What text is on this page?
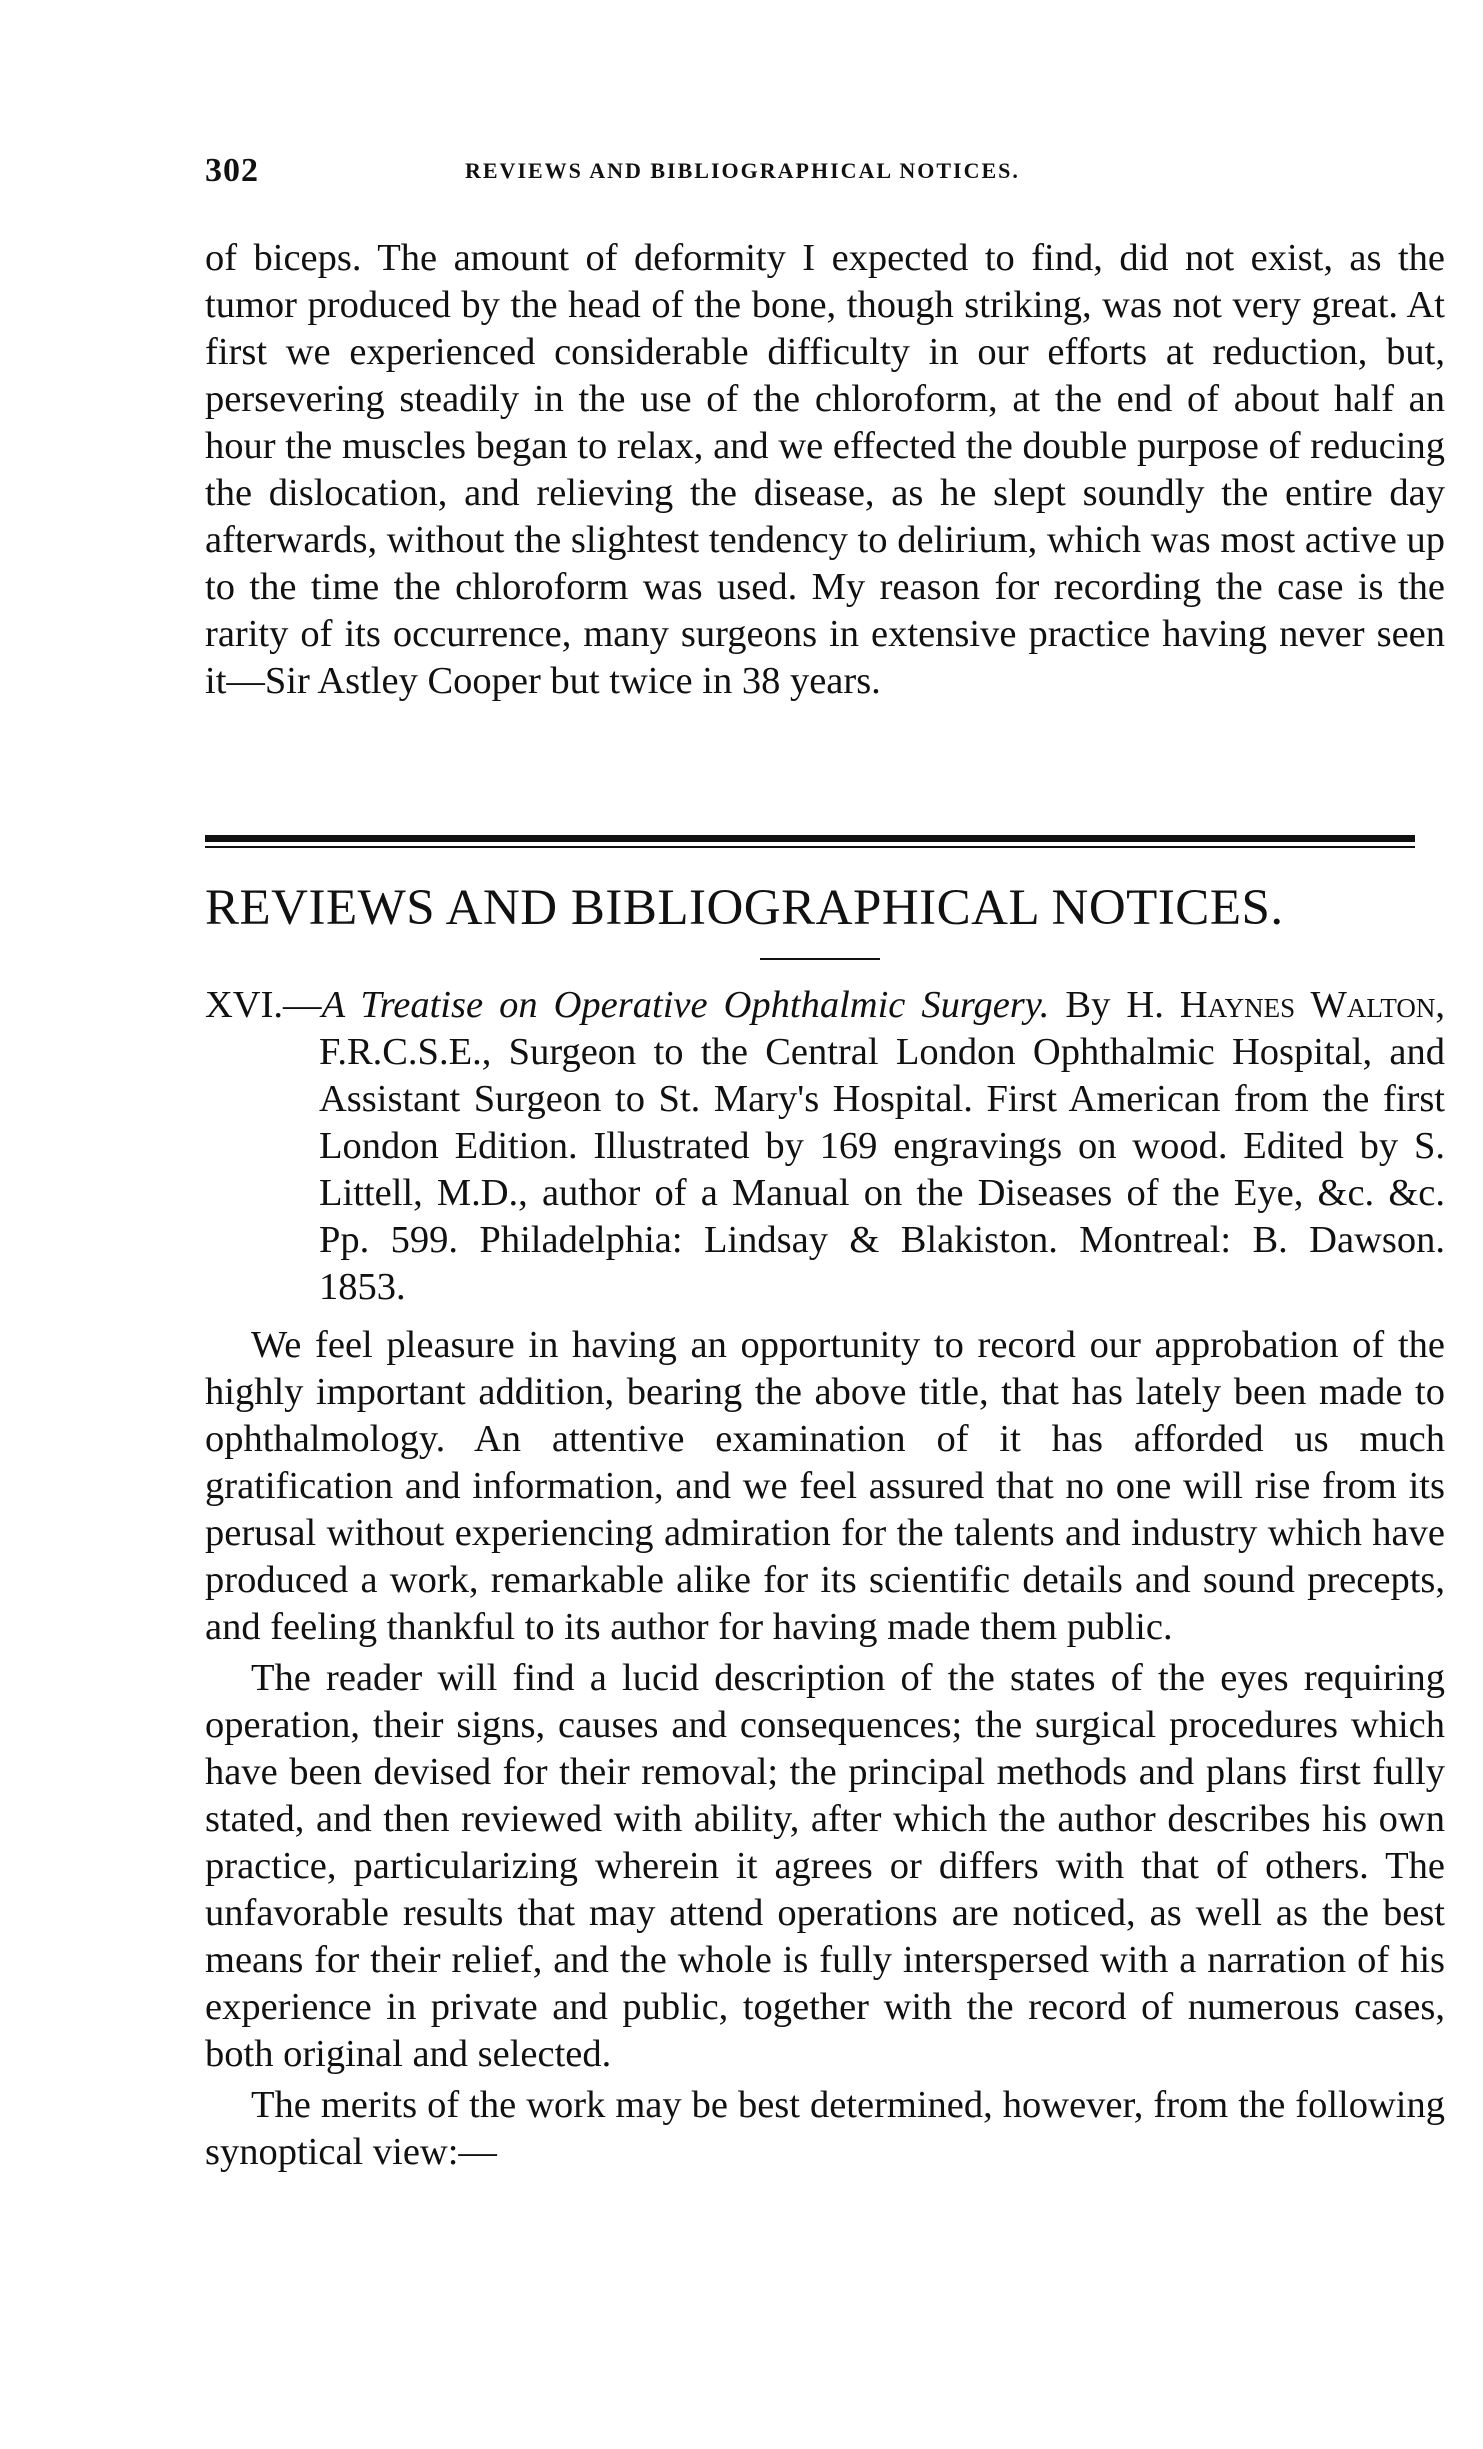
302	REVIEWS AND BIBLIOGRAPHICAL NOTICES.

of biceps. The amount of deformity I expected to find, did not exist, as the tumor produced by the head of the bone, though striking, was not very great. At first we experienced considerable difficulty in our efforts at reduction, but, persevering steadily in the use of the chloroform, at the end of about half an hour the muscles began to relax, and we effected the double purpose of reducing the dislocation, and relieving the disease, as he slept soundly the entire day afterwards, without the slightest tendency to delirium, which was most active up to the time the chloroform was used. My reason for recording the case is the rarity of its occurrence, many surgeons in extensive practice having never seen it—Sir Astley Cooper but twice in 38 years.

REVIEWS AND BIBLIOGRAPHICAL NOTICES.
XVI.—A Treatise on Operative Ophthalmic Surgery. By H. Haynes Walton, F.R.C.S.E., Surgeon to the Central London Ophthalmic Hospital, and Assistant Surgeon to St. Mary's Hospital. First American from the first London Edition. Illustrated by 169 engravings on wood. Edited by S. Littell, M.D., author of a Manual on the Diseases of the Eye, &c. &c. Pp. 599. Philadelphia: Lindsay & Blakiston. Montreal: B. Dawson. 1853.

We feel pleasure in having an opportunity to record our approbation of the highly important addition, bearing the above title, that has lately been made to ophthalmology. An attentive examination of it has afforded us much gratification and information, and we feel assured that no one will rise from its perusal without experiencing admiration for the talents and industry which have produced a work, remarkable alike for its scientific details and sound precepts, and feeling thankful to its author for having made them public.

The reader will find a lucid description of the states of the eyes requiring operation, their signs, causes and consequences; the surgical procedures which have been devised for their removal; the principal methods and plans first fully stated, and then reviewed with ability, after which the author describes his own practice, particularizing wherein it agrees or differs with that of others. The unfavorable results that may attend operations are noticed, as well as the best means for their relief, and the whole is fully interspersed with a narration of his experience in private and public, together with the record of numerous cases, both original and selected.

The merits of the work may be best determined, however, from the following synoptical view:—
